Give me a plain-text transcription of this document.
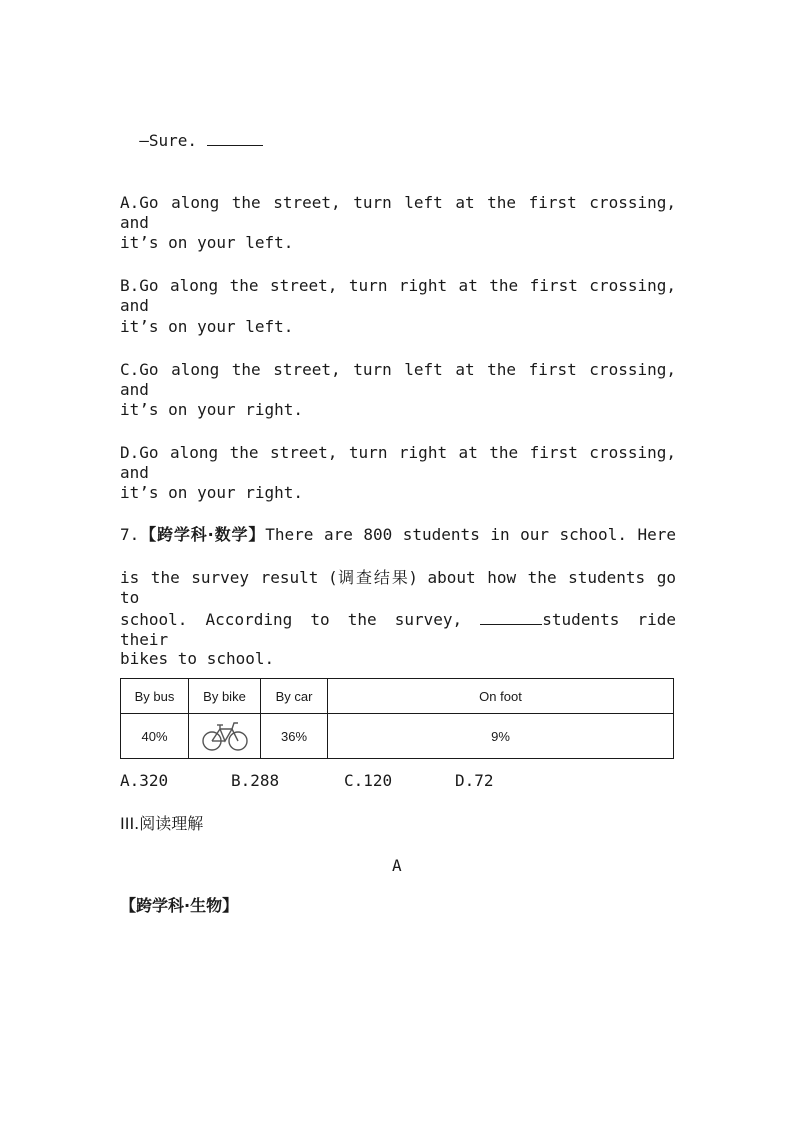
—Sure.

A.Go along the street, turn left at the first crossing, and
it’s on your left.
B.Go along the street, turn right at the first crossing, and
it’s on your left.
C.Go along the street, turn left at the first crossing, and
it’s on your right.
D.Go along the street, turn right at the first crossing, and
it’s on your right.
7.【跨学科·数学】There are 800 students in our school. Here
is the survey result (调查结果) about how the students go to
school. According to the survey,	students ride their
bikes to school.
By bus	By bike	By car	On foot
40%		36%	9%
A.320	B.288	C.120	D.72
III.阅读理解
A
【跨学科·生物】
